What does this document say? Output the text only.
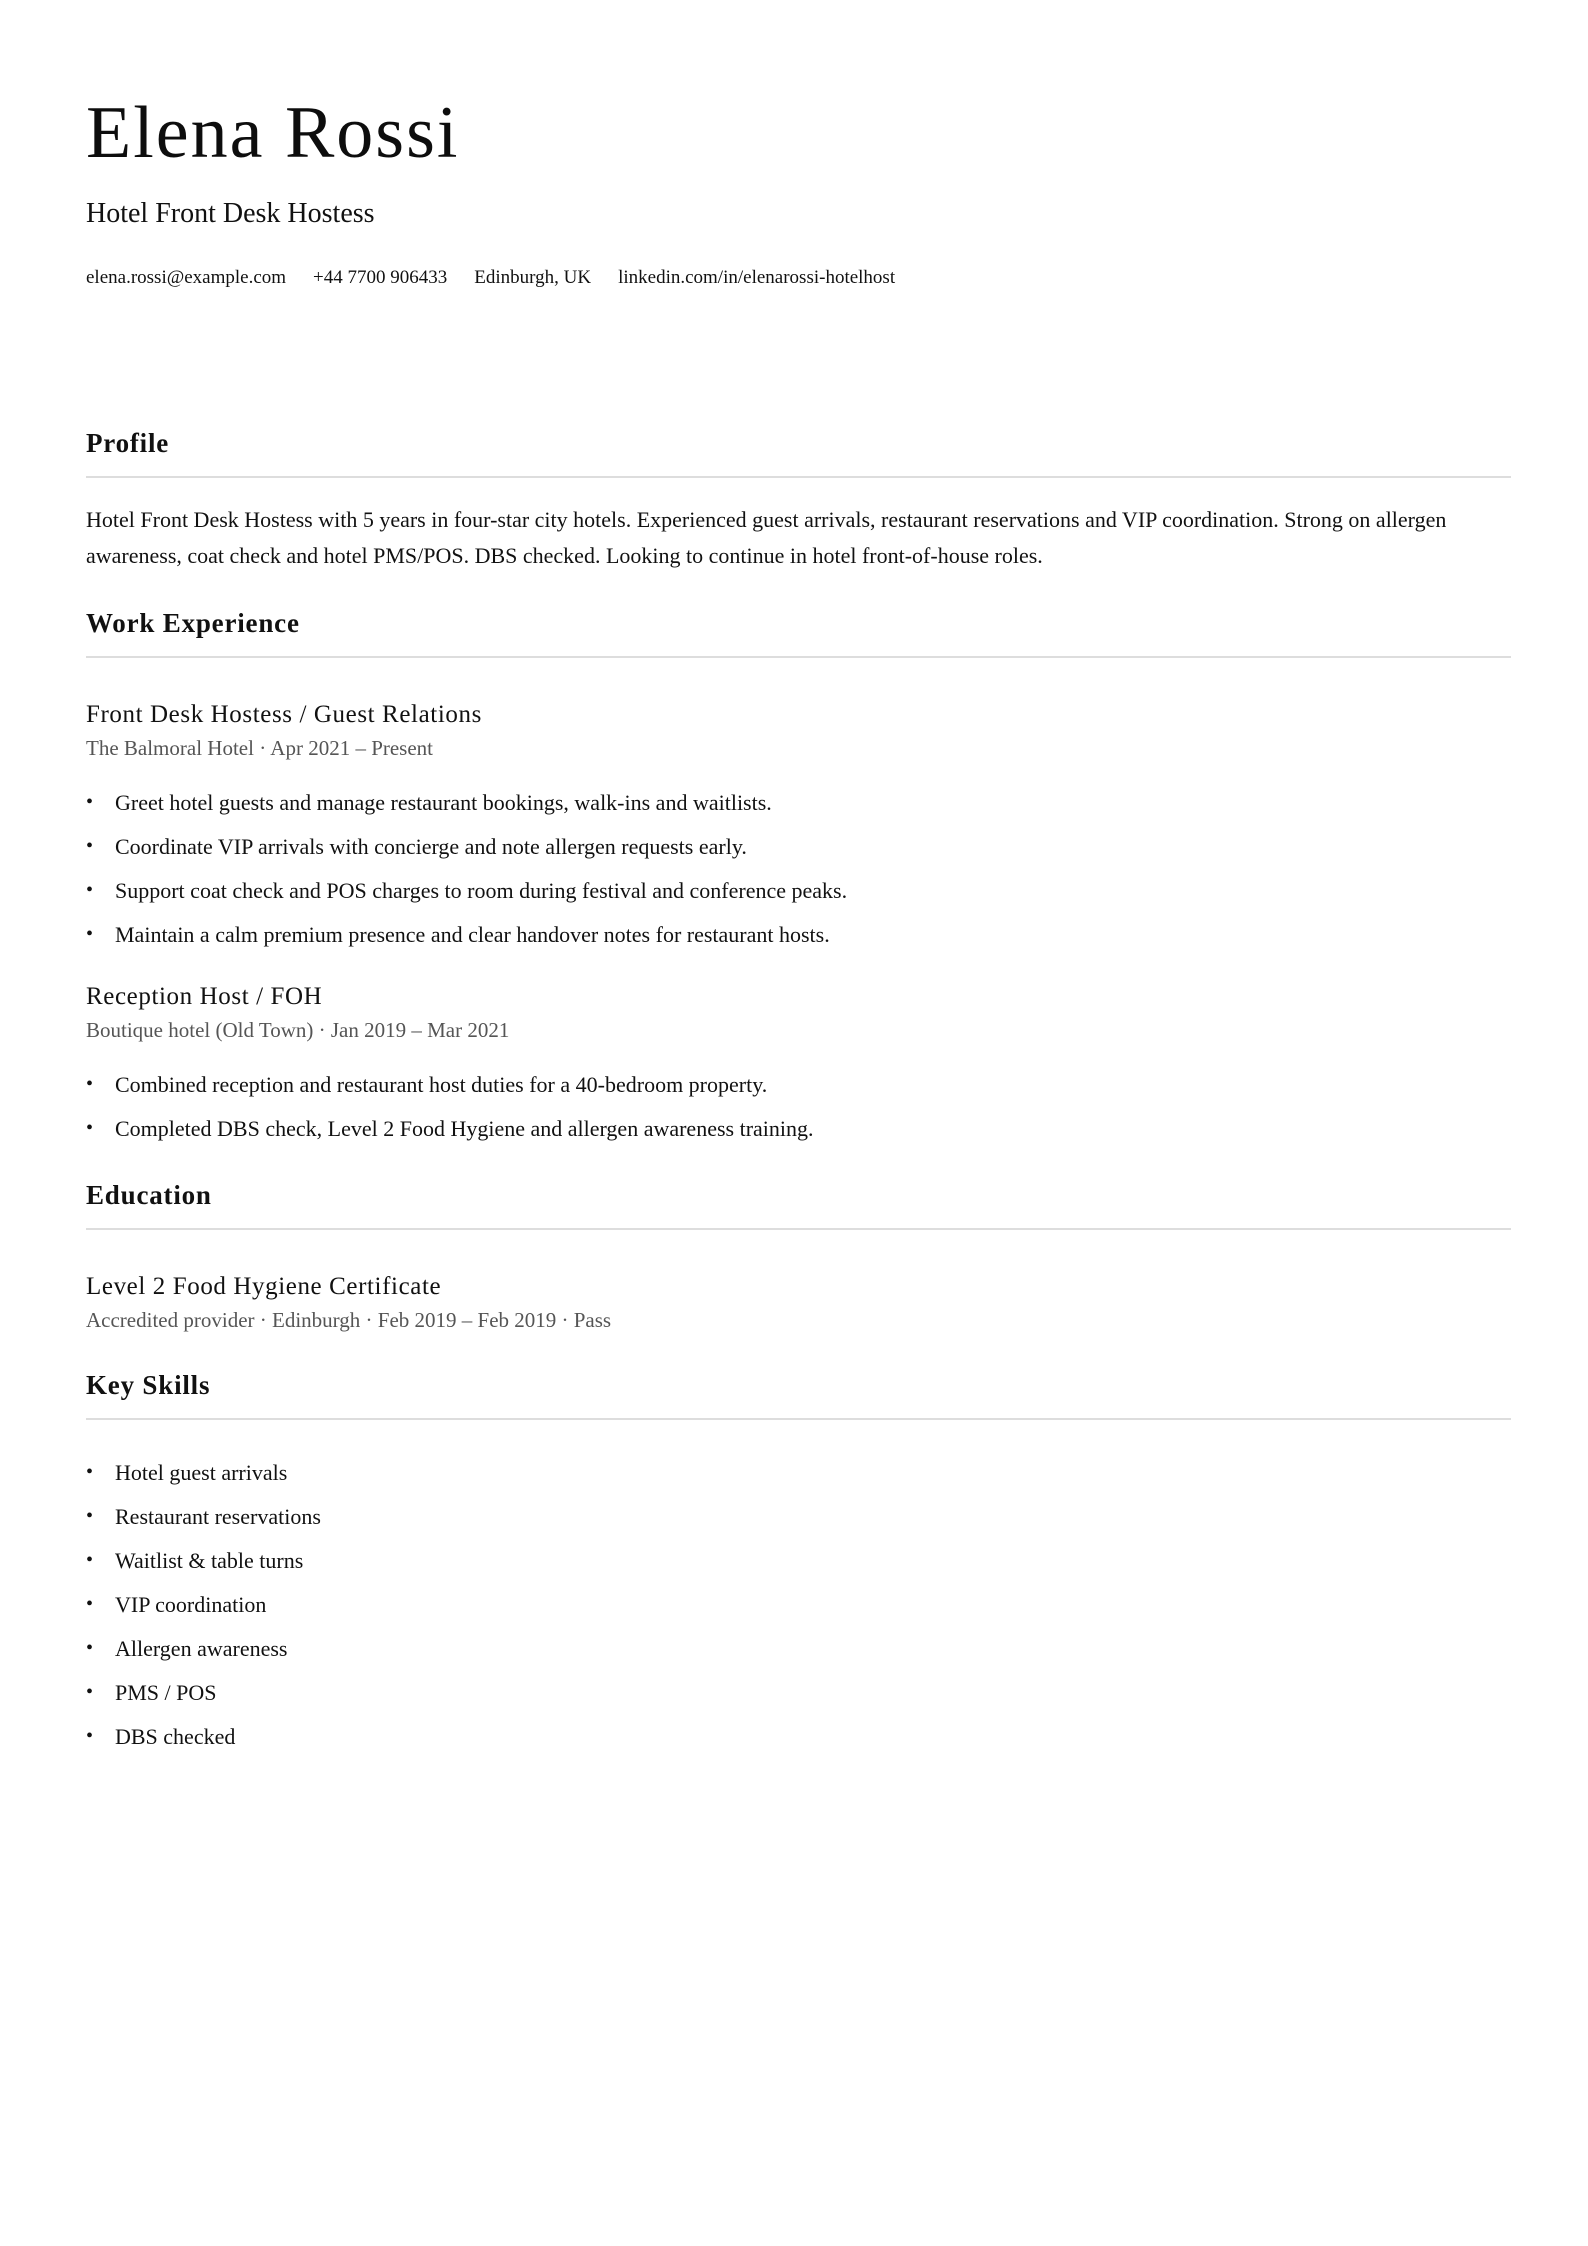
Elena Rossi
Hotel Front Desk Hostess
elena.rossi@example.com +44 7700 906433 Edinburgh, UK linkedin.com/in/elenarossi-hotelhost
Profile

Hotel Front Desk Hostess with 5 years in four-star city hotels. Experienced guest arrivals, restaurant reservations and VIP coordination. Strong on allergen awareness, coat check and hotel PMS/POS. DBS checked. Looking to continue in hotel front-of-house roles.

Work Experience
Front Desk Hostess / Guest Relations
The Balmoral Hotel · Apr 2021 – Present
• Greet hotel guests and manage restaurant bookings, walk-ins and waitlists.
• Coordinate VIP arrivals with concierge and note allergen requests early.
• Support coat check and POS charges to room during festival and conference peaks.
• Maintain a calm premium presence and clear handover notes for restaurant hosts.
Reception Host / FOH
Boutique hotel (Old Town) · Jan 2019 – Mar 2021
• Combined reception and restaurant host duties for a 40-bedroom property.
• Completed DBS check, Level 2 Food Hygiene and allergen awareness training.
Education
Level 2 Food Hygiene Certificate
Accredited provider · Edinburgh · Feb 2019 – Feb 2019 · Pass
Key Skills
• Hotel guest arrivals
• Restaurant reservations
• Waitlist & table turns
• VIP coordination
• Allergen awareness
• PMS / POS
• DBS checked
